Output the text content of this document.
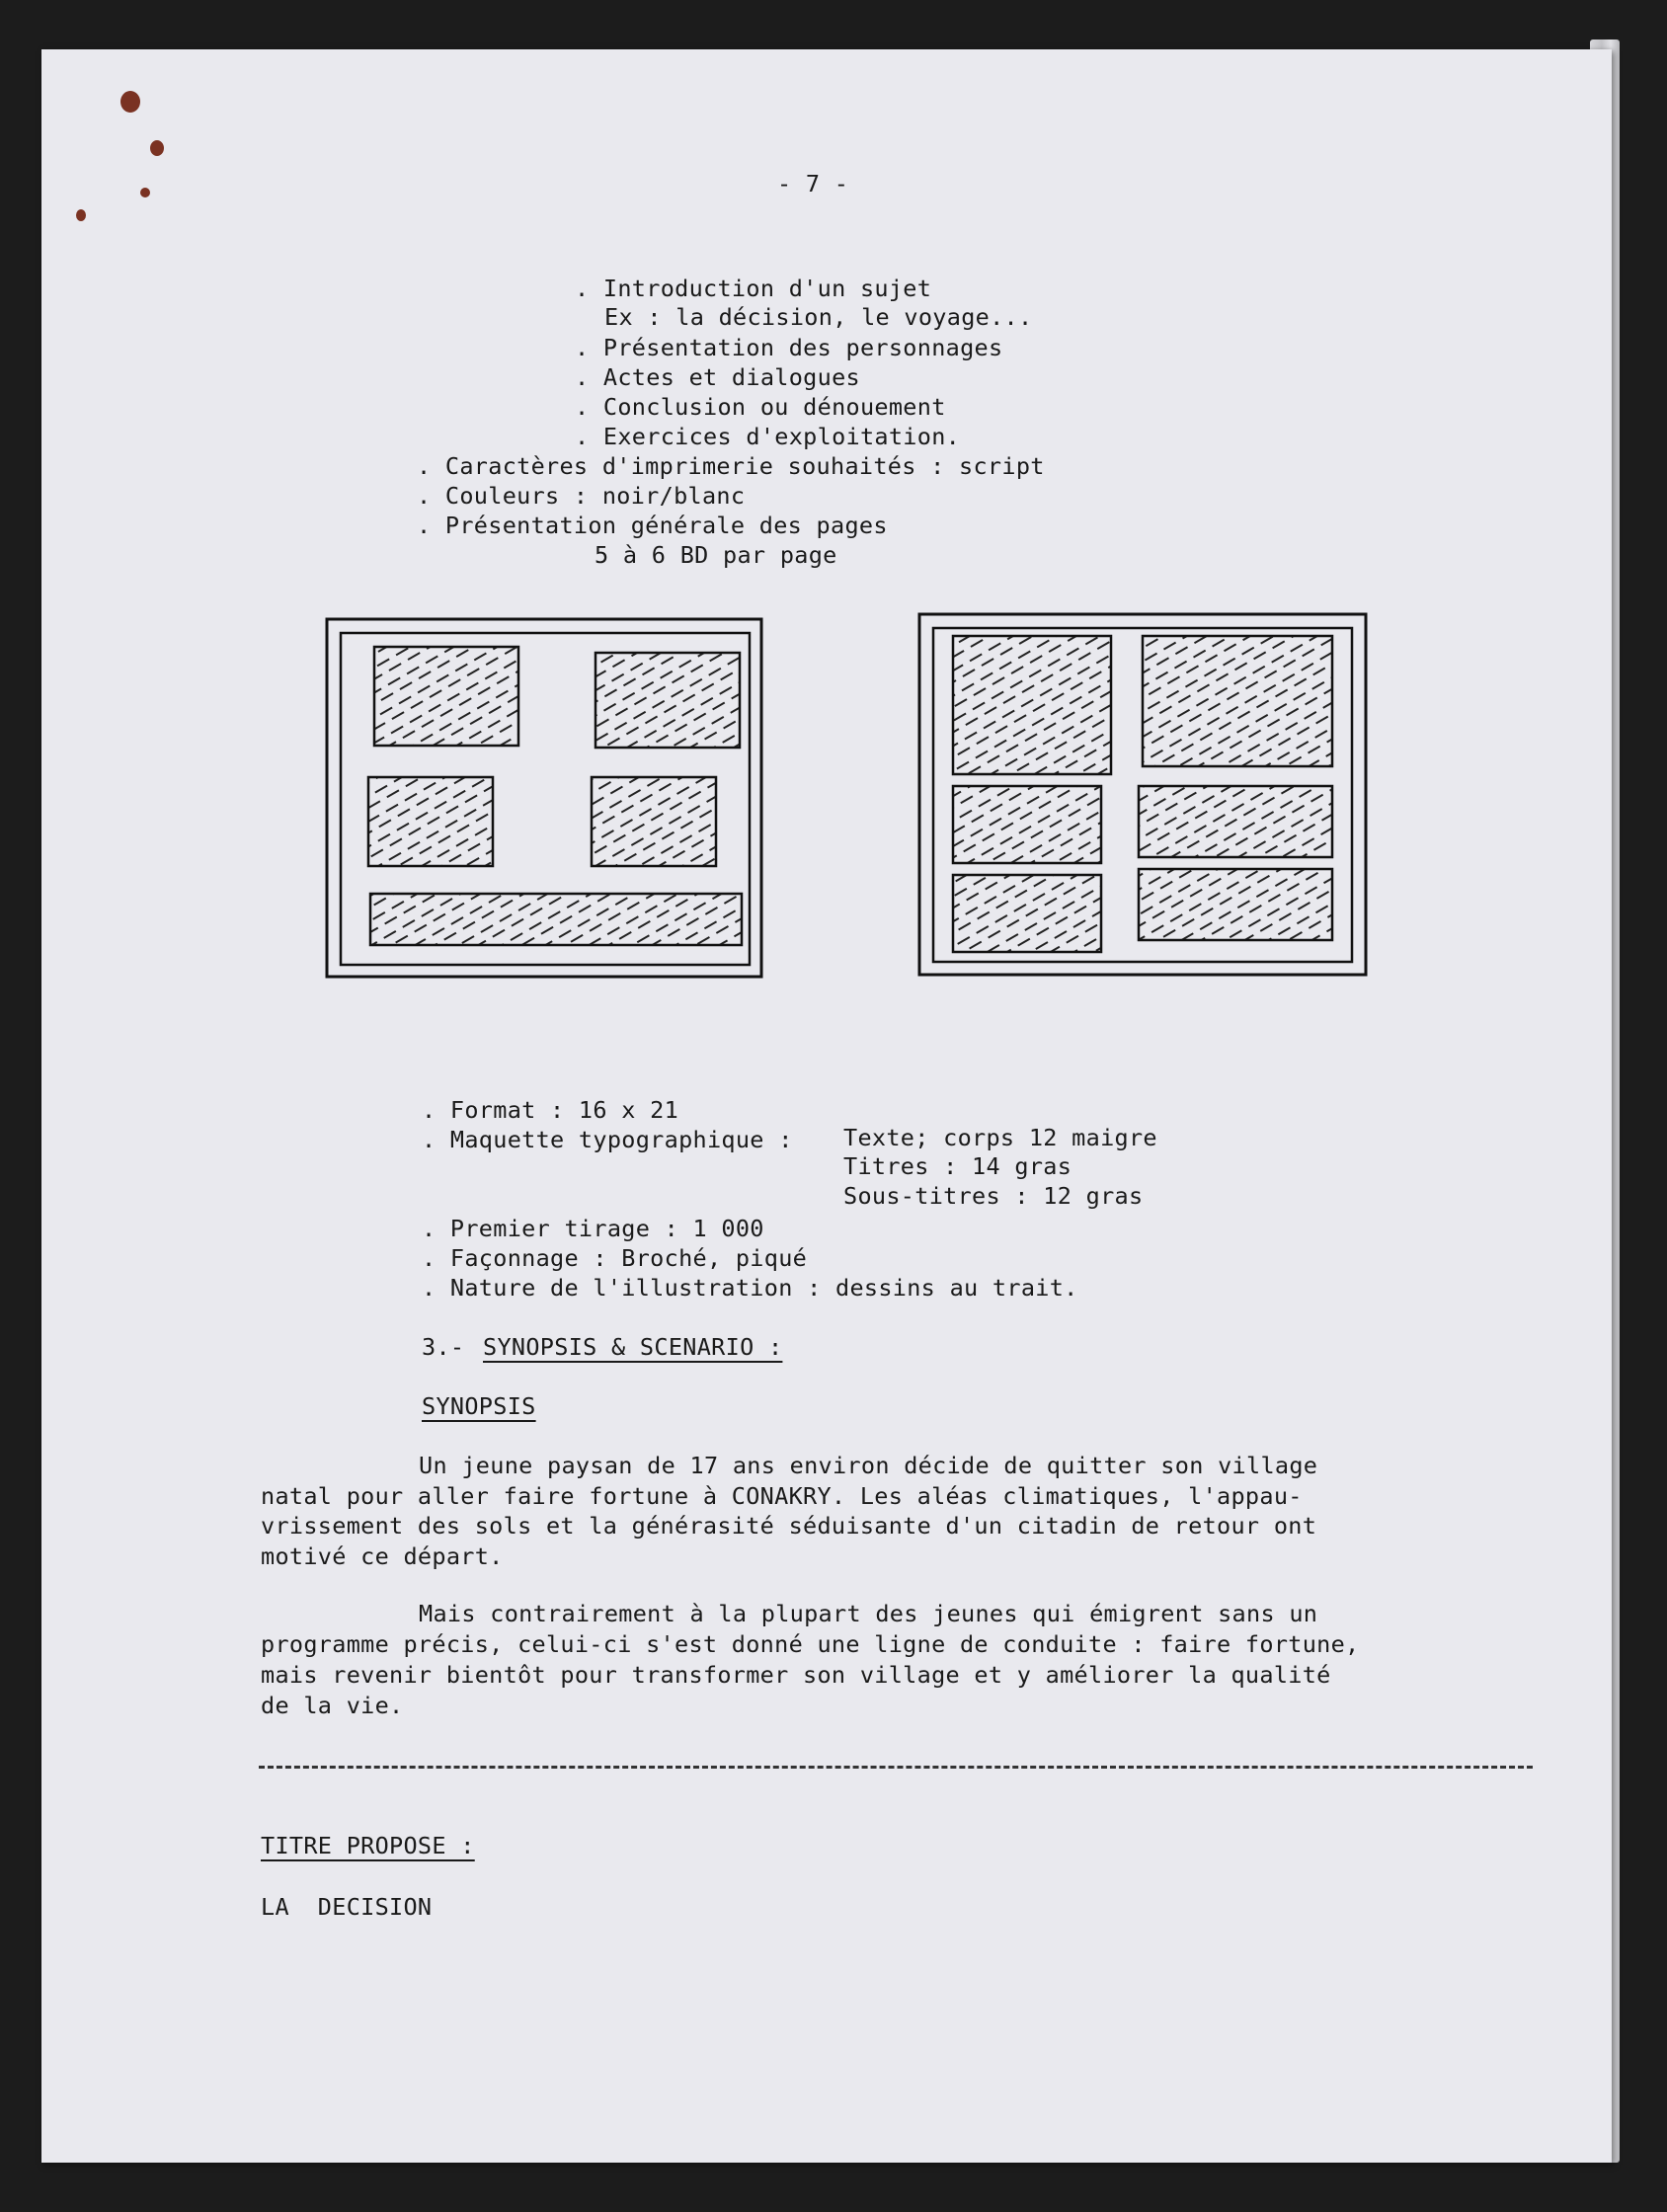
- 7 -
. Introduction d'un sujet
Ex : la décision, le voyage...
. Présentation des personnages
. Actes et dialogues
. Conclusion ou dénouement
. Exercices d'exploitation.
. Caractères d'imprimerie souhaités : script
. Couleurs : noir/blanc
. Présentation générale des pages
5 à 6 BD par page
. Format : 16 x 21
. Maquette typographique : Texte; corps 12 maigre
Titres : 14 gras
Sous-titres : 12 gras
. Premier tirage : 1 000
. Façonnage : Broché, piqué
. Nature de l'illustration : dessins au trait.
3.- SYNOPSIS & SCENARIO :
SYNOPSIS
Un jeune paysan de 17 ans environ décide de quitter son village
natal pour aller faire fortune à CONAKRY. Les aléas climatiques, l'appau-
vrissement des sols et la générasité séduisante d'un citadin de retour ont
motivé ce départ.
Mais contrairement à la plupart des jeunes qui émigrent sans un
programme précis, celui-ci s'est donné une ligne de conduite : faire fortune,
mais revenir bientôt pour transformer son village et y améliorer la qualité
de la vie.
TITRE PROPOSE :
LA  DECISION
